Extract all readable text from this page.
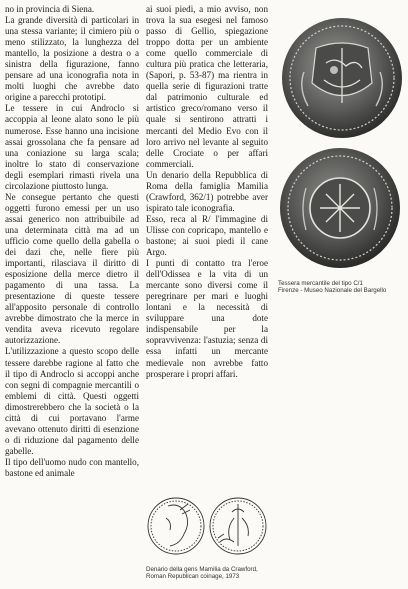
no in provincia di Siena.

La grande diversità di particolari in una stessa variante; il cimiero più o meno stilizzato, la lunghezza del mantello, la posizione a destra o a sinistra della figurazione, fanno pensare ad una iconografia nota in molti luoghi che avrebbe dato origine a parecchi prototipi.

Le tessere in cui Androclo si accoppia al leone alato sono le più numerose. Esse hanno una incisione assai grossolana che fa pensare ad una coniazione su larga scala; inoltre lo stato di conservazione degli esemplari rimasti rivela una circolazione piuttosto lunga.

Ne consegue pertanto che questi oggetti furono emessi per un uso assai generico non attribuibile ad una determinata città ma ad un ufficio come quello della gabella o dei dazi che, nelle fiere più importanti, rilasciava il diritto di esposizione della merce dietro il pagamento di una tassa. La presentazione di queste tessere all'apposito personale di controllo avrebbe dimostrato che la merce in vendita aveva ricevuto regolare autorizzazione.

L'utilizzazione a questo scopo delle tessere darebbe ragione al fatto che il tipo di Androclo si accoppi anche con segni di compagnie mercantili o emblemi di città. Questi oggetti dimostrerebbero che la società o la città di cui portavano l'arme avevano ottenuto diritti di esenzione o di riduzione dal pagamento delle gabelle.

Il tipo dell'uomo nudo con mantello, bastone ed animale

ai suoi piedi, a mio avviso, non trova la sua esegesi nel famoso passo di Gellio, spiegazione troppo dotta per un ambiente come quello commerciale di cultura più pratica che letteraria, (Sapori, p. 53-87) ma rientra in quella serie di figurazioni tratte dal patrimonio culturale ed artistico greco/romano verso il quale si sentirono attratti i mercanti del Medio Evo con il loro arrivo nel levante al seguito delle Crociate o per affari commerciali.

Un denario della Repubblica di Roma della famiglia Mamilia (Crawford, 362/1) potrebbe aver ispirato tale iconografia.

Esso, reca al R/ l'immagine di Ulisse con copricapo, mantello e bastone; ai suoi piedi il cane Argo.

I punti di contatto tra l'eroe dell'Odissea e la vita di un mercante sono diversi come il peregrinare per mari e luoghi lontani e la necessità di sviluppare una dote indispensabile per la sopravvivenza: l'astuzia; senza di essa infatti un mercante medievale non avrebbe fatto prosperare i propri affari.

Tessera mercantile del tipo C/1
Firenze - Museo Nazionale del Bargello
Denario della gens Mamilia da Crawford,
Roman Republican coinage, 1973
